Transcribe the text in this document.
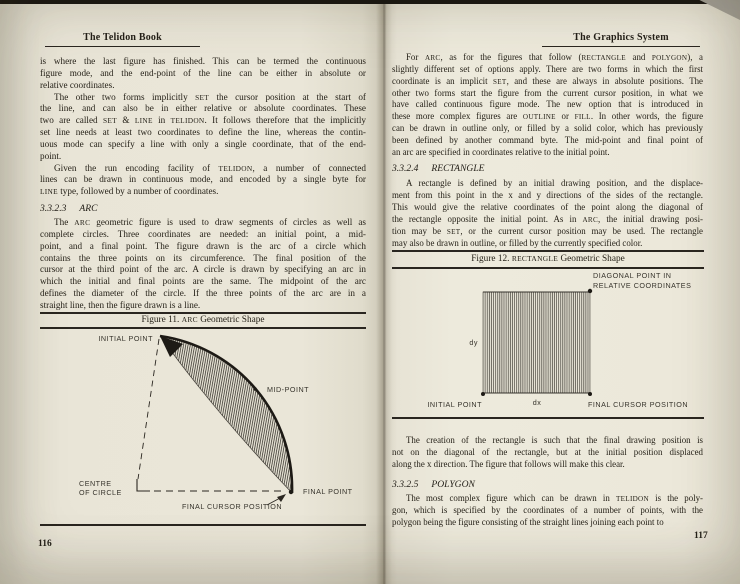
The Telidon Book
is where the last figure has finished. This can be termed the continuous
figure mode, and the end-point of the line can be either in absolute or
relative coordinates.
The other two forms implicitly SET the cursor position at the start of
the line, and can also be in either relative or absolute coordinates. These
two are called SET & LINE in TELIDON. It follows therefore that the implicitly
set line needs at least two coordinates to define the line, whereas the contin-
uous mode can specify a line with only a single coordinate, that of the end-
point.
Given the run encoding facility of TELIDON, a number of connected
lines can be drawn in continuous mode, and encoded by a single byte for
LINE type, followed by a number of coordinates.
3.3.2.3 ARC
The ARC geometric figure is used to draw segments of circles as well as
complete circles. Three coordinates are needed: an initial point, a mid-
point, and a final point. The figure drawn is the arc of a circle which
contains the three points on its circumference. The final position of the
cursor at the third point of the arc. A circle is drawn by specifying an arc in
which the initial and final points are the same. The midpoint of the arc
defines the diameter of the circle. If the three points of the arc are in a
straight line, then the figure drawn is a line.
Figure 11. ARC Geometric Shape
INITIAL POINT
MID-POINT
CENTRE
OF CIRCLE	FINAL POINT
FINAL CURSOR POSITION
116
The Graphics System
For ARC, as for the figures that follow (RECTANGLE and POLYGON), a
slightly different set of options apply. There are two forms in which the first
coordinate is an implicit SET, and these are always in absolute positions. The
other two forms start the figure from the current cursor position, in what we
have called continuous figure mode. The new option that is introduced in
these more complex figures are OUTLINE or FILL. In other words, the figure
can be drawn in outline only, or filled by a solid color, which has previously
been defined by another command byte. The mid-point and final point of
an arc are specified in coordinates relative to the initial point.
3.3.2.4 RECTANGLE
A rectangle is defined by an initial drawing position, and the displace-
ment from this point in the x and y directions of the sides of the rectangle.
This would give the relative coordinates of the point along the diagonal of
the rectangle opposite the initial point. As in ARC, the initial drawing posi-
tion may be SET, or the current cursor position may be used. The rectangle
may also be drawn in outline, or filled by the currently specified color.
Figure 12. RECTANGLE Geometric Shape
DIAGONAL POINT IN
RELATIVE COORDINATES
dy
dx
INITIAL POINT	FINAL CURSOR POSITION
The creation of the rectangle is such that the final drawing position is
not on the diagonal of the rectangle, but at the initial position displaced
along the x direction. The figure that follows will make this clear.
3.3.2.5 POLYGON
The most complex figure which can be drawn in TELIDON is the poly-
gon, which is specified by the coordinates of a number of points, with the
polygon being the figure consisting of the straight lines joining each point to
117
